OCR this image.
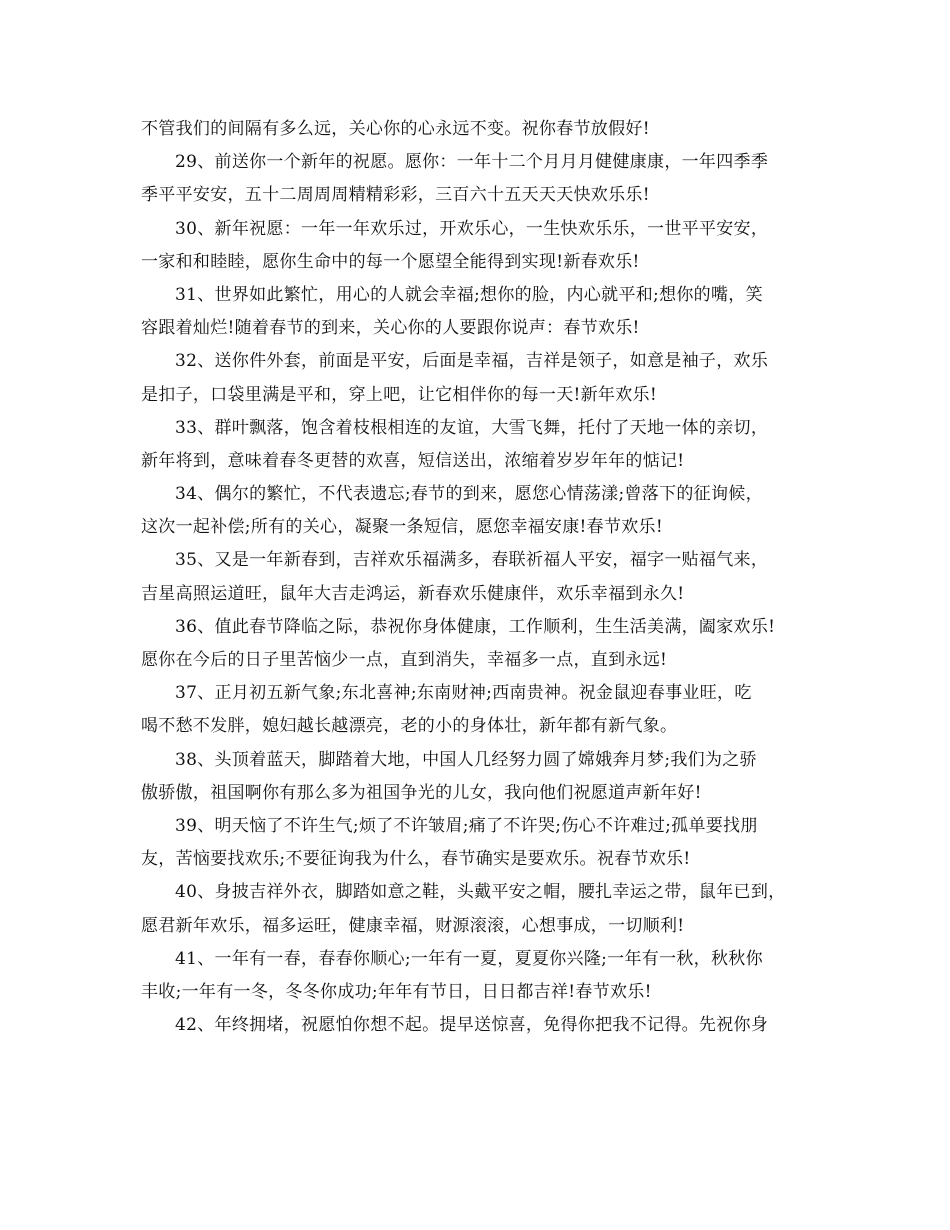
不管我们的间隔有多么远，关心你的心永远不变。祝你春节放假好!
29、前送你一个新年的祝愿。愿你：一年十二个月月月健健康康，一年四季季
季平平安安，五十二周周周精精彩彩，三百六十五天天天快欢乐乐!
30、新年祝愿：一年一年欢乐过，开欢乐心，一生快欢乐乐，一世平平安安，
一家和和睦睦，愿你生命中的每一个愿望全能得到实现!新春欢乐!
31、世界如此繁忙，用心的人就会幸福;想你的脸，内心就平和;想你的嘴，笑
容跟着灿烂!随着春节的到来，关心你的人要跟你说声：春节欢乐!
32、送你件外套，前面是平安，后面是幸福，吉祥是领子，如意是袖子，欢乐
是扣子，口袋里满是平和，穿上吧，让它相伴你的每一天!新年欢乐!
33、群叶飘落，饱含着枝根相连的友谊，大雪飞舞，托付了天地一体的亲切，
新年将到，意味着春冬更替的欢喜，短信送出，浓缩着岁岁年年的惦记!
34、偶尔的繁忙，不代表遗忘;春节的到来，愿您心情荡漾;曾落下的征询候，
这次一起补偿;所有的关心，凝聚一条短信，愿您幸福安康!春节欢乐!
35、又是一年新春到，吉祥欢乐福满多，春联祈福人平安，福字一贴福气来，
吉星高照运道旺，鼠年大吉走鸿运，新春欢乐健康伴，欢乐幸福到永久!
36、值此春节降临之际，恭祝你身体健康，工作顺利，生生活美满，阖家欢乐!
愿你在今后的日子里苦恼少一点，直到消失，幸福多一点，直到永远!
37、正月初五新气象;东北喜神;东南财神;西南贵神。祝金鼠迎春事业旺，吃
喝不愁不发胖，媳妇越长越漂亮，老的小的身体壮，新年都有新气象。
38、头顶着蓝天，脚踏着大地，中国人几经努力圆了嫦娥奔月梦;我们为之骄
傲骄傲，祖国啊你有那么多为祖国争光的儿女，我向他们祝愿道声新年好!
39、明天恼了不许生气;烦了不许皱眉;痛了不许哭;伤心不许难过;孤单要找朋
友，苦恼要找欢乐;不要征询我为什么，春节确实是要欢乐。祝春节欢乐!
40、身披吉祥外衣，脚踏如意之鞋，头戴平安之帽，腰扎幸运之带，鼠年已到，
愿君新年欢乐，福多运旺，健康幸福，财源滚滚，心想事成，一切顺利!
41、一年有一春，春春你顺心;一年有一夏，夏夏你兴隆;一年有一秋，秋秋你
丰收;一年有一冬，冬冬你成功;年年有节日，日日都吉祥!春节欢乐!
42、年终拥堵，祝愿怕你想不起。提早送惊喜，免得你把我不记得。先祝你身
